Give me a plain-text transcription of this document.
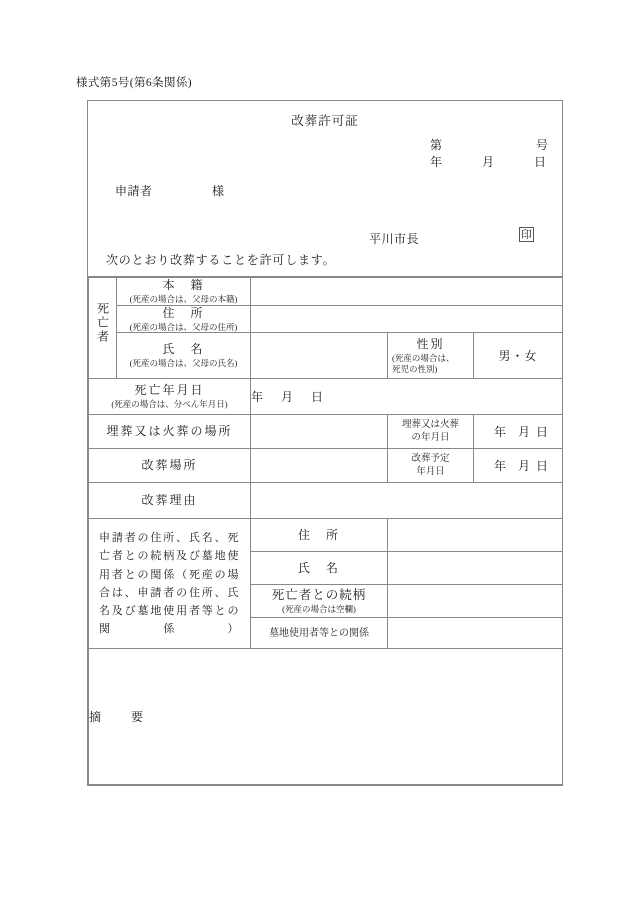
様式第5号(第6条関係)
改葬許可証
第	号
年	月	日
申請者	様
平川市長	印
次のとおり改葬することを許可します。
死亡者	本　籍
(死産の場合は、父母の本籍)			

	住　所
(死産の場合は、父母の住所)			

氏　名
(死産の場合は、父母の氏名)

性別
(死産の場合は、
死児の性別)
	男・女

死亡年月日
(死産の場合は、分べん年月日)		年 月 日		

埋葬又は火葬の場所			埋葬又は火葬
の年月日	年 月 日

改葬場所			改葬予定
年月日	年 月 日

改葬理由				

申請者の住所、氏名、死亡者との続柄及び墓地使用者との関係（死産の場合は、申請者の住所、氏名及び墓地使用者等との関係）		住　所		

		氏　名		

		死亡者との続柄
(死産の場合は空欄)		

		墓地使用者等との関係		

摘 要				
